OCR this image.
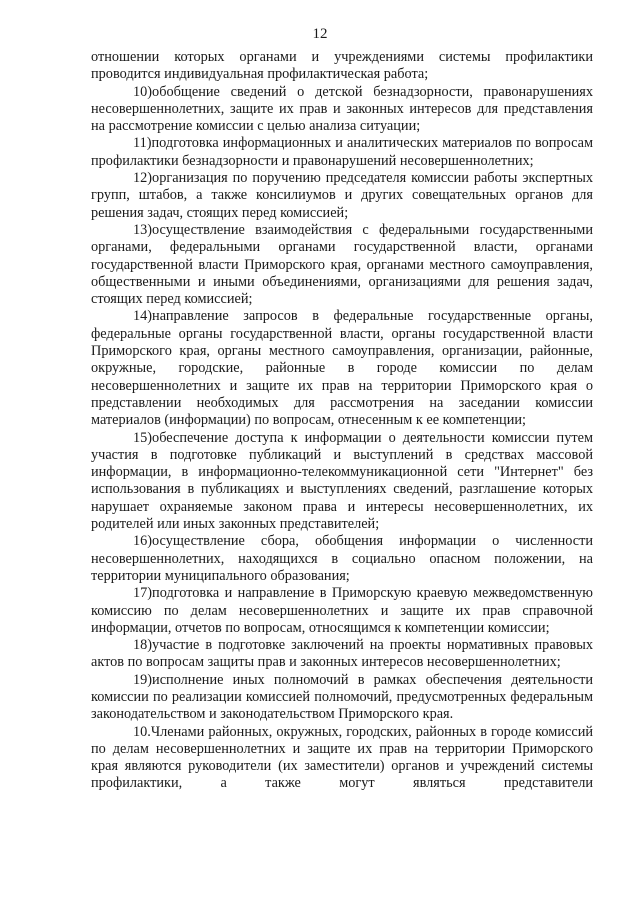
12

отношении которых органами и учреждениями системы профилактики проводится индивидуальная профилактическая работа;

10)обобщение сведений о детской безнадзорности, правонарушениях несовершеннолетних, защите их прав и законных интересов для представления на рассмотрение комиссии с целью анализа ситуации;

11)подготовка информационных и аналитических материалов по вопросам профилактики безнадзорности и правонарушений несовершеннолетних;

12)организация по поручению председателя комиссии работы экспертных групп, штабов, а также консилиумов и других совещательных органов для решения задач, стоящих перед комиссией;

13)осуществление взаимодействия с федеральными государственными органами, федеральными органами государственной власти, органами государственной власти Приморского края, органами местного самоуправления, общественными и иными объединениями, организациями для решения задач, стоящих перед комиссией;

14)направление запросов в федеральные государственные органы, федеральные органы государственной власти, органы государственной власти Приморского края, органы местного самоуправления, организации, районные, окружные, городские, районные в городе комиссии по делам несовершеннолетних и защите их прав на территории Приморского края о представлении необходимых для рассмотрения на заседании комиссии материалов (информации) по вопросам, отнесенным к ее компетенции;

15)обеспечение доступа к информации о деятельности комиссии путем участия в подготовке публикаций и выступлений в средствах массовой информации, в информационно-телекоммуникационной сети "Интернет" без использования в публикациях и выступлениях сведений, разглашение которых нарушает охраняемые законом права и интересы несовершеннолетних, их родителей или иных законных представителей;

16)осуществление сбора, обобщения информации о численности несовершеннолетних, находящихся в социально опасном положении, на территории муниципального образования;

17)подготовка и направление в Приморскую краевую межведомственную комиссию по делам несовершеннолетних и защите их прав справочной информации, отчетов по вопросам, относящимся к компетенции комиссии;

18)участие в подготовке заключений на проекты нормативных правовых актов по вопросам защиты прав и законных интересов несовершеннолетних;

19)исполнение иных полномочий в рамках обеспечения деятельности комиссии по реализации комиссией полномочий, предусмотренных федеральным законодательством и законодательством Приморского края.

10.Членами районных, окружных, городских, районных в городе комиссий по делам несовершеннолетних и защите их прав на территории Приморского края являются руководители (их заместители) органов и учреждений системы профилактики, а также могут являться представители
